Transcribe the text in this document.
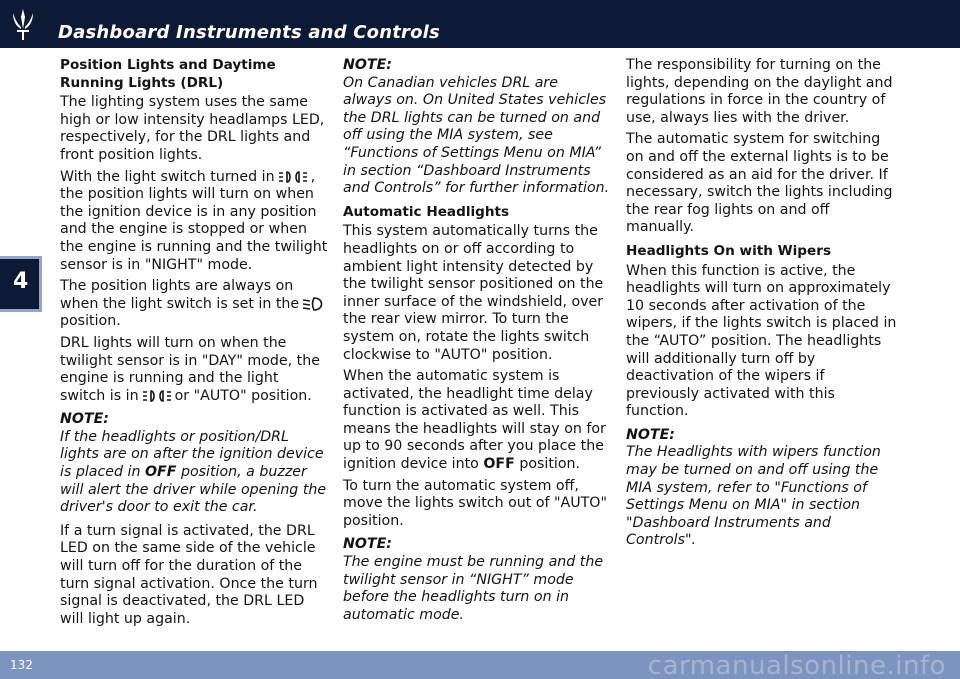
Dashboard Instruments and Controls
4

Position Lights and Daytime Running Lights (DRL)

The lighting system uses the same high or low intensity headlamps LED, respectively, for the DRL lights and front position lights.

With the light switch turned in	, the position lights will turn on when the ignition device is in any position and the engine is stopped or when the engine is running and the twilight sensor is in "NIGHT" mode.

The position lights are always on when the light switch is set in theposition.

DRL lights will turn on when the twilight sensor is in "DAY" mode, the engine is running and the light switch is in	or "AUTO" position.

NOTE:

If the headlights or position/DRL lights are on after the ignition device is placed in OFF position, a buzzer will alert the driver while opening the driver's door to exit the car.

If a turn signal is activated, the DRL LED on the same side of the vehicle will turn off for the duration of the turn signal activation. Once the turn signal is deactivated, the DRL LED will light up again.

NOTE:

On Canadian vehicles DRL are always on. On United States vehicles the DRL lights can be turned on and off using the MIA system, see “Functions of Settings Menu on MIA” in section “Dashboard Instruments and Controls” for further information.

Automatic Headlights

This system automatically turns the headlights on or off according to ambient light intensity detected by the twilight sensor positioned on the inner surface of the windshield, over the rear view mirror. To turn the system on, rotate the lights switch clockwise to "AUTO" position.

When the automatic system is activated, the headlight time delay function is activated as well. This means the headlights will stay on for up to 90 seconds after you place the ignition device into OFF position.

To turn the automatic system off, move the lights switch out of "AUTO" position.

NOTE:

The engine must be running and the twilight sensor in “NIGHT” mode before the headlights turn on in automatic mode.

The responsibility for turning on the lights, depending on the daylight and regulations in force in the country of use, always lies with the driver.

The automatic system for switching on and off the external lights is to be considered as an aid for the driver. If necessary, switch the lights including the rear fog lights on and off manually.

Headlights On with Wipers

When this function is active, the headlights will turn on approximately 10 seconds after activation of the wipers, if the lights switch is placed in the “AUTO” position. The headlights will additionally turn off by deactivation of the wipers if previously activated with this function.

NOTE:

The Headlights with wipers function may be turned on and off using the MIA system, refer to "Functions of Settings Menu on MIA" in section "Dashboard Instruments and Controls".

132	carmanualsonline.info
